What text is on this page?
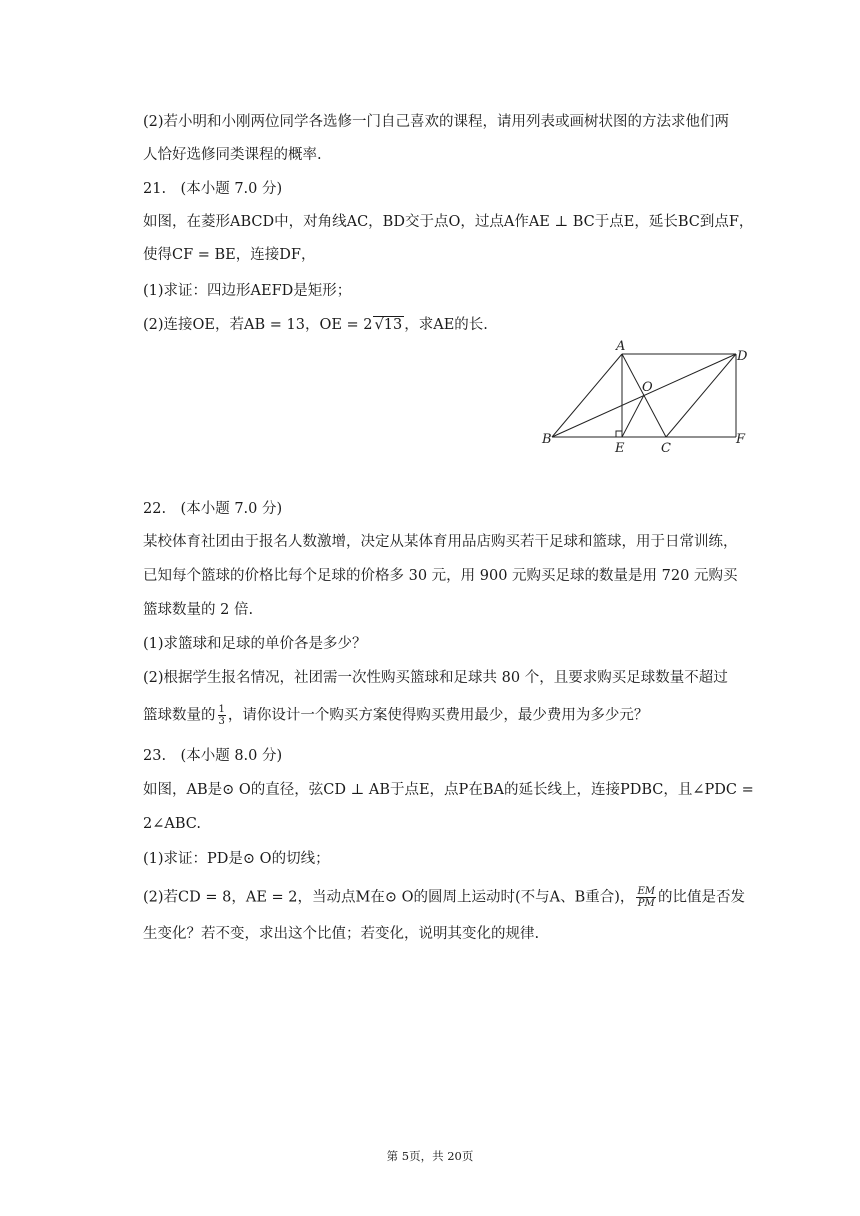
(2)若小明和小刚两位同学各选修一门自己喜欢的课程，请用列表或画树状图的方法求他们两
人恰好选修同类课程的概率.
21.　(本小题 7.0 分)
如图，在菱形ABCD中，对角线AC，BD交于点O，过点A作AE ⊥ BC于点E，延长BC到点F，
使得CF = BE，连接DF，
(1)求证：四边形AEFD是矩形；
(2)连接OE，若AB = 13，OE = 2 √13 ，求AE的长.
A
D
O
B
E	C
F
22.　(本小题 7.0 分)
某校体育社团由于报名人数激增，决定从某体育用品店购买若干足球和篮球，用于日常训练，
已知每个篮球的价格比每个足球的价格多 30 元，用 900 元购买足球的数量是用 720 元购买
篮球数量的 2 倍.
(1)求篮球和足球的单价各是多少？
(2)根据学生报名情况，社团需一次性购买篮球和足球共 80 个，且要求购买足球数量不超过
篮球数量的 $\frac{1}{3}$ ，请你设计一个购买方案使得购买费用最少，最少费用为多少元？
23.　(本小题 8.0 分)
如图，AB是⊙ O的直径，弦CD ⊥ AB于点E，点P在BA的延长线上，连接PDBC，且∠PDC =
2∠ABC.
(1)求证：PD是⊙ O的切线；
(2)若CD = 8，AE = 2，当动点M在⊙ O的圆周上运动时(不与A、B重合)， $\frac{EM}{PM}$ 的比值是否发
生变化？若不变，求出这个比值；若变化，说明其变化的规律.
第 5页，共 20页
